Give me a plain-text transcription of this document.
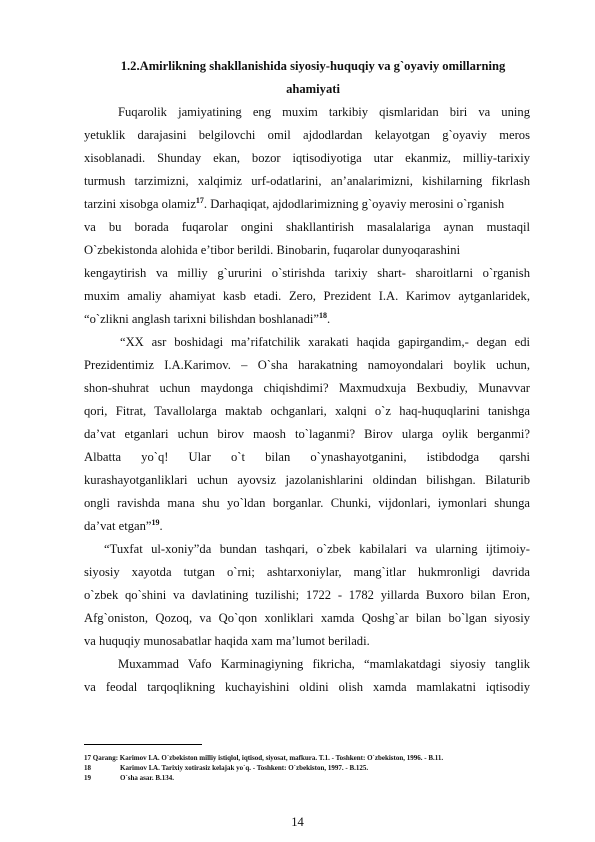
1.2.Amirlikning shakllanishida siyosiy-huquqiy va g`oyaviy omillarning
ahamiyati
Fuqarolik jamiyatining eng muxim tarkibiy qismlaridan biri va uning
yetuklik darajasini belgilovchi omil ajdodlardan kelayotgan g`oyaviy meros
xisoblanadi. Shunday ekan, bozor iqtisodiyotiga utar ekanmiz, milliy-tarixiy
turmush tarzimizni, xalqimiz urf-odatlarini, an’analarimizni, kishilarning fikrlash
tarzini xisobga olamiz$^{17}$. Darhaqiqat, ajdodlarimizning g`oyaviy merosini o`rganish
va bu borada fuqarolar ongini shakllantirish masalalariga aynan mustaqil
O`zbekistonda alohida e’tibor berildi. Binobarin, fuqarolar dunyoqarashini
kengaytirish va milliy g`ururini o`stirishda tarixiy shart- sharoitlarni o`rganish
muxim amaliy ahamiyat kasb etadi. Zero, Prezident I.A. Karimov aytganlaridek,
“o`zlikni anglash tarixni bilishdan boshlanadi”$^{18}$.
“XX asr boshidagi ma’rifatchilik xarakati haqida gapirgandim,- degan edi
Prezidentimiz I.A.Karimov. – O`sha harakatning namoyondalari boylik uchun,
shon-shuhrat uchun maydonga chiqishdimi? Maxmudxuja Bexbudiy, Munavvar
qori, Fitrat, Tavallolarga maktab ochganlari, xalqni o`z haq-huquqlarini tanishga
da’vat etganlari uchun birov maosh to`laganmi? Birov ularga oylik berganmi?
Albatta yo`q! Ular o`t bilan o`ynashayotganini, istibdodga qarshi
kurashayotganliklari uchun ayovsiz jazolanishlarini oldindan bilishgan. Bilaturib
ongli ravishda mana shu yo`ldan borganlar. Chunki, vijdonlari, iymonlari shunga
da’vat etgan”$^{19}$.
“Tuxfat ul-xoniy”da bundan tashqari, o`zbek kabilalari va ularning ijtimoiy-
siyosiy xayotda tutgan o`rni; ashtarxoniylar, mang`itlar hukmronligi davrida
o`zbek qo`shini va davlatining tuzilishi; 1722 - 1782 yillarda Buxoro bilan Eron,
Afg`oniston, Qozoq, va Qo`qon xonliklari xamda Qoshg`ar bilan bo`lgan siyosiy
va huquqiy munosabatlar haqida xam ma’lumot beriladi.
Muxammad Vafo Karminagiyning fikricha, “mamlakatdagi siyosiy tanglik
va feodal tarqoqlikning kuchayishini oldini olish xamda mamlakatni iqtisodiy
17 Qarang: Karimov I.A. O`zbekiston milliy istiqlol, iqtisod, siyosat, mafkura. T.1. - Toshkent: O`zbekiston, 1996. - B.11.
18	Karimov I.A. Tarixiy xotirasiz kelajak yo`q. - Toshkent: O`zbekiston, 1997. - B.125.
19	O`sha asar. B.134.
14
